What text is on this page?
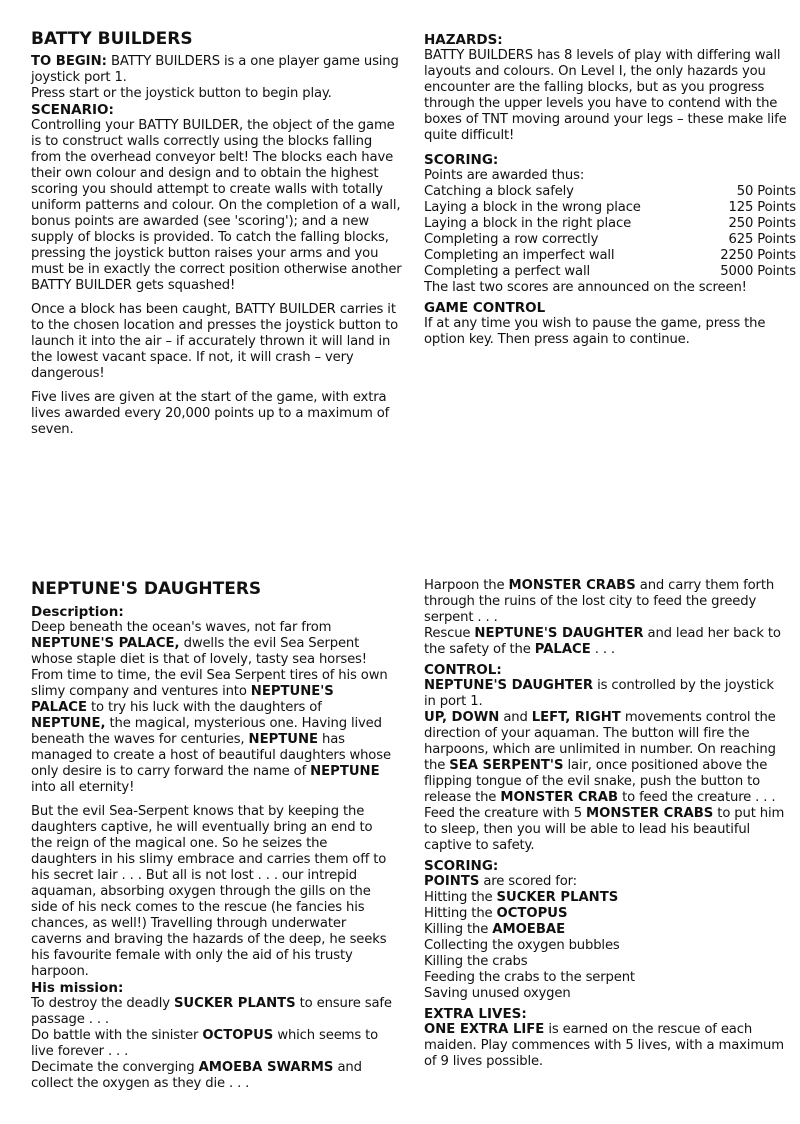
BATTY BUILDERS

TO BEGIN: BATTY BUILDERS is a one player game using joystick port 1.

Press start or the joystick button to begin play.

SCENARIO:

Controlling your BATTY BUILDER, the object of the game is to construct walls correctly using the blocks falling from the overhead conveyor belt! The blocks each have their own colour and design and to obtain the highest scoring you should attempt to create walls with totally uniform patterns and colour. On the completion of a wall, bonus points are awarded (see 'scoring'); and a new supply of blocks is provided. To catch the falling blocks, pressing the joystick button raises your arms and you must be in exactly the correct position otherwise another BATTY BUILDER gets squashed!

Once a block has been caught, BATTY BUILDER carries it to the chosen location and presses the joystick button to launch it into the air – if accurately thrown it will land in the lowest vacant space. If not, it will crash – very dangerous!

Five lives are given at the start of the game, with extra lives awarded every 20,000 points up to a maximum of seven.

HAZARDS:

BATTY BUILDERS has 8 levels of play with differing wall layouts and colours. On Level I, the only hazards you encounter are the falling blocks, but as you progress through the upper levels you have to contend with the boxes of TNT moving around your legs – these make life quite difficult!

SCORING:

Points are awarded thus:

Catching a block safely	50 Points
Laying a block in the wrong place	125 Points
Laying a block in the right place	250 Points
Completing a row correctly	625 Points
Completing an imperfect wall	2250 Points
Completing a perfect wall	5000 Points

The last two scores are announced on the screen!

GAME CONTROL

If at any time you wish to pause the game, press the option key. Then press again to continue.

NEPTUNE'S DAUGHTERS
Description:

Deep beneath the ocean's waves, not far from NEPTUNE'S PALACE, dwells the evil Sea Serpent whose staple diet is that of lovely, tasty sea horses! From time to time, the evil Sea Serpent tires of his own slimy company and ventures into NEPTUNE'S PALACE to try his luck with the daughters of NEPTUNE, the magical, mysterious one. Having lived beneath the waves for centuries, NEPTUNE has managed to create a host of beautiful daughters whose only desire is to carry forward the name of NEPTUNE into all eternity!

But the evil Sea-Serpent knows that by keeping the daughters captive, he will eventually bring an end to the reign of the magical one. So he seizes the daughters in his slimy embrace and carries them off to his secret lair . . . But all is not lost . . . our intrepid aquaman, absorbing oxygen through the gills on the side of his neck comes to the rescue (he fancies his chances, as well!) Travelling through underwater caverns and braving the hazards of the deep, he seeks his favourite female with only the aid of his trusty harpoon.

His mission:

To destroy the deadly SUCKER PLANTS to ensure safe passage . . .

Do battle with the sinister OCTOPUS which seems to live forever . . .

Decimate the converging AMOEBA SWARMS and collect the oxygen as they die . . .

Harpoon the MONSTER CRABS and carry them forth through the ruins of the lost city to feed the greedy serpent . . .

Rescue NEPTUNE'S DAUGHTER and lead her back to the safety of the PALACE . . .

CONTROL:

NEPTUNE'S DAUGHTER is controlled by the joystick in port 1.

UP, DOWN and LEFT, RIGHT movements control the direction of your aquaman. The button will fire the harpoons, which are unlimited in number. On reaching the SEA SERPENT'S lair, once positioned above the flipping tongue of the evil snake, push the button to release the MONSTER CRAB to feed the creature . . . Feed the creature with 5 MONSTER CRABS to put him to sleep, then you will be able to lead his beautiful captive to safety.

SCORING:

POINTS are scored for:

Hitting the SUCKER PLANTS

Hitting the OCTOPUS

Killing the AMOEBAE

Collecting the oxygen bubbles

Killing the crabs

Feeding the crabs to the serpent

Saving unused oxygen

EXTRA LIVES:

ONE EXTRA LIFE is earned on the rescue of each maiden. Play commences with 5 lives, with a maximum of 9 lives possible.
